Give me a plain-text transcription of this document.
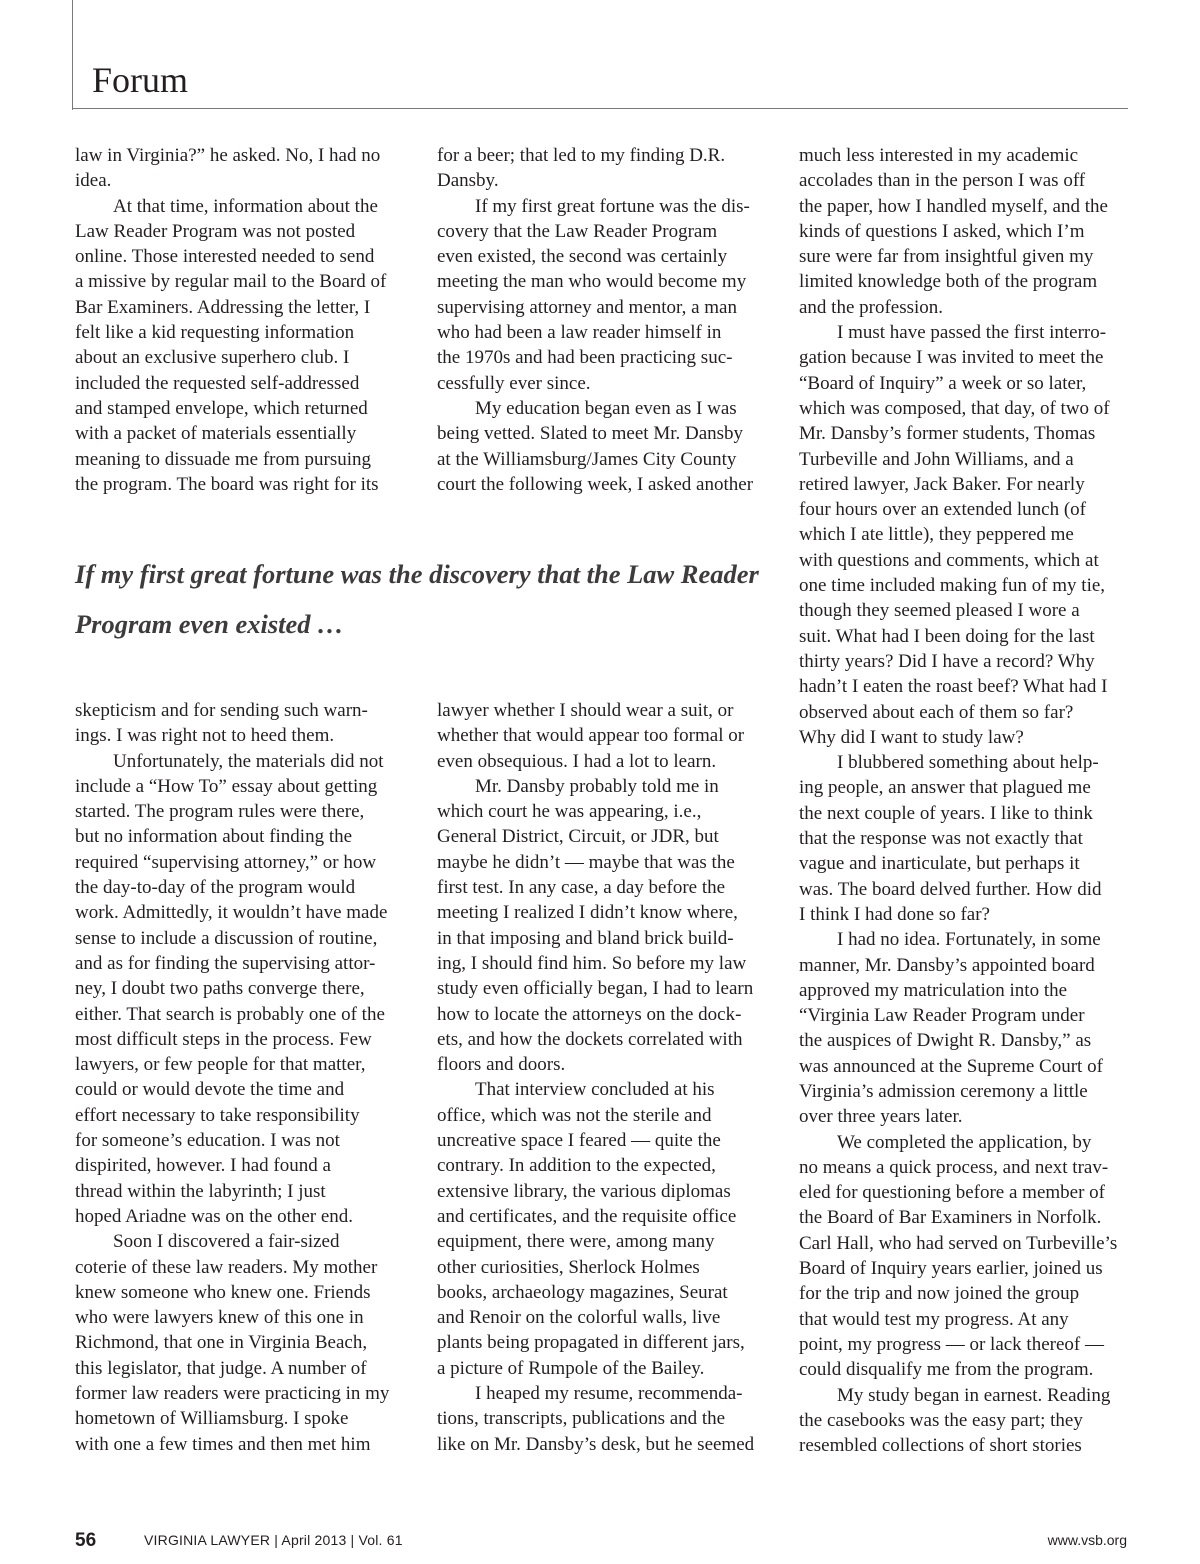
Forum
law in Virginia?” he asked. No, I had no
idea.
At that time, information about the
Law Reader Program was not posted
online. Those interested needed to send
a missive by regular mail to the Board of
Bar Examiners. Addressing the letter, I
felt like a kid requesting information
about an exclusive superhero club. I
included the requested self-addressed
and stamped envelope, which returned
with a packet of materials essentially
meaning to dissuade me from pursuing
the program. The board was right for its
for a beer; that led to my finding D.R.
Dansby.
If my first great fortune was the dis-
covery that the Law Reader Program
even existed, the second was certainly
meeting the man who would become my
supervising attorney and mentor, a man
who had been a law reader himself in
the 1970s and had been practicing suc-
cessfully ever since.
My education began even as I was
being vetted. Slated to meet Mr. Dansby
at the Williamsburg/James City County
court the following week, I asked another
much less interested in my academic
accolades than in the person I was off
the paper, how I handled myself, and the
kinds of questions I asked, which I’m
sure were far from insightful given my
limited knowledge both of the program
and the profession.
I must have passed the first interro-
gation because I was invited to meet the
“Board of Inquiry” a week or so later,
which was composed, that day, of two of
Mr. Dansby’s former students, Thomas
Turbeville and John Williams, and a
retired lawyer, Jack Baker. For nearly
four hours over an extended lunch (of
which I ate little), they peppered me
with questions and comments, which at
one time included making fun of my tie,
though they seemed pleased I wore a
suit. What had I been doing for the last
thirty years? Did I have a record? Why
hadn’t I eaten the roast beef? What had I
observed about each of them so far?
Why did I want to study law?
I blubbered something about help-
ing people, an answer that plagued me
the next couple of years. I like to think
that the response was not exactly that
vague and inarticulate, but perhaps it
was. The board delved further. How did
I think I had done so far?
I had no idea. Fortunately, in some
manner, Mr. Dansby’s appointed board
approved my matriculation into the
“Virginia Law Reader Program under
the auspices of Dwight R. Dansby,” as
was announced at the Supreme Court of
Virginia’s admission ceremony a little
over three years later.
We completed the application, by
no means a quick process, and next trav-
eled for questioning before a member of
the Board of Bar Examiners in Norfolk.
Carl Hall, who had served on Turbeville’s
Board of Inquiry years earlier, joined us
for the trip and now joined the group
that would test my progress. At any
point, my progress — or lack thereof —
could disqualify me from the program.
My study began in earnest. Reading
the casebooks was the easy part; they
resembled collections of short stories
If my first great fortune was the discovery that the Law Reader
Program even existed …
skepticism and for sending such warn-
ings. I was right not to heed them.
Unfortunately, the materials did not
include a “How To” essay about getting
started. The program rules were there,
but no information about finding the
required “supervising attorney,” or how
the day-to-day of the program would
work. Admittedly, it wouldn’t have made
sense to include a discussion of routine,
and as for finding the supervising attor-
ney, I doubt two paths converge there,
either. That search is probably one of the
most difficult steps in the process. Few
lawyers, or few people for that matter,
could or would devote the time and
effort necessary to take responsibility
for someone’s education. I was not
dispirited, however. I had found a
thread within the labyrinth; I just
hoped Ariadne was on the other end.
Soon I discovered a fair-sized
coterie of these law readers. My mother
knew someone who knew one. Friends
who were lawyers knew of this one in
Richmond, that one in Virginia Beach,
this legislator, that judge. A number of
former law readers were practicing in my
hometown of Williamsburg. I spoke
with one a few times and then met him
lawyer whether I should wear a suit, or
whether that would appear too formal or
even obsequious. I had a lot to learn.
Mr. Dansby probably told me in
which court he was appearing, i.e.,
General District, Circuit, or JDR, but
maybe he didn’t — maybe that was the
first test. In any case, a day before the
meeting I realized I didn’t know where,
in that imposing and bland brick build-
ing, I should find him. So before my law
study even officially began, I had to learn
how to locate the attorneys on the dock-
ets, and how the dockets correlated with
floors and doors.
That interview concluded at his
office, which was not the sterile and
uncreative space I feared — quite the
contrary. In addition to the expected,
extensive library, the various diplomas
and certificates, and the requisite office
equipment, there were, among many
other curiosities, Sherlock Holmes
books, archaeology magazines, Seurat
and Renoir on the colorful walls, live
plants being propagated in different jars,
a picture of Rumpole of the Bailey.
I heaped my resume, recommenda-
tions, transcripts, publications and the
like on Mr. Dansby’s desk, but he seemed
56	VIRGINIA LAWYER | April 2013 | Vol. 61	www.vsb.org
